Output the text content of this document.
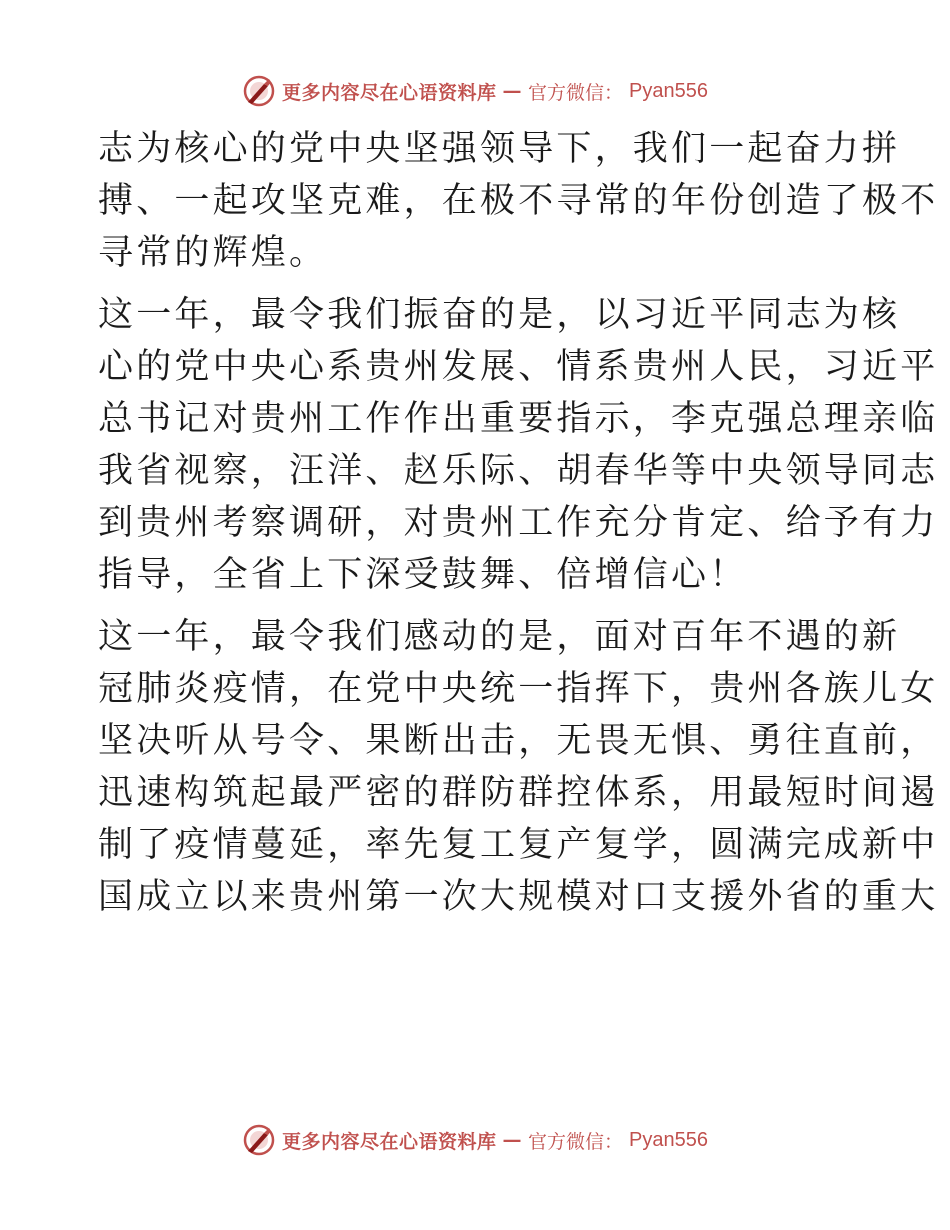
更多内容尽在心语资料库 — 官方微信： Pyan556

志为核心的党中央坚强领导下，我们一起奋力拼
搏、一起攻坚克难，在极不寻常的年份创造了极不
寻常的辉煌。

这一年，最令我们振奋的是，以习近平同志为核
心的党中央心系贵州发展、情系贵州人民，习近平
总书记对贵州工作作出重要指示，李克强总理亲临
我省视察，汪洋、赵乐际、胡春华等中央领导同志
到贵州考察调研，对贵州工作充分肯定、给予有力
指导，全省上下深受鼓舞、倍增信心！

这一年，最令我们感动的是，面对百年不遇的新
冠肺炎疫情，在党中央统一指挥下，贵州各族儿女
坚决听从号令、果断出击，无畏无惧、勇往直前，
迅速构筑起最严密的群防群控体系，用最短时间遏
制了疫情蔓延，率先复工复产复学，圆满完成新中
国成立以来贵州第一次大规模对口支援外省的重大

更多内容尽在心语资料库 — 官方微信： Pyan556
